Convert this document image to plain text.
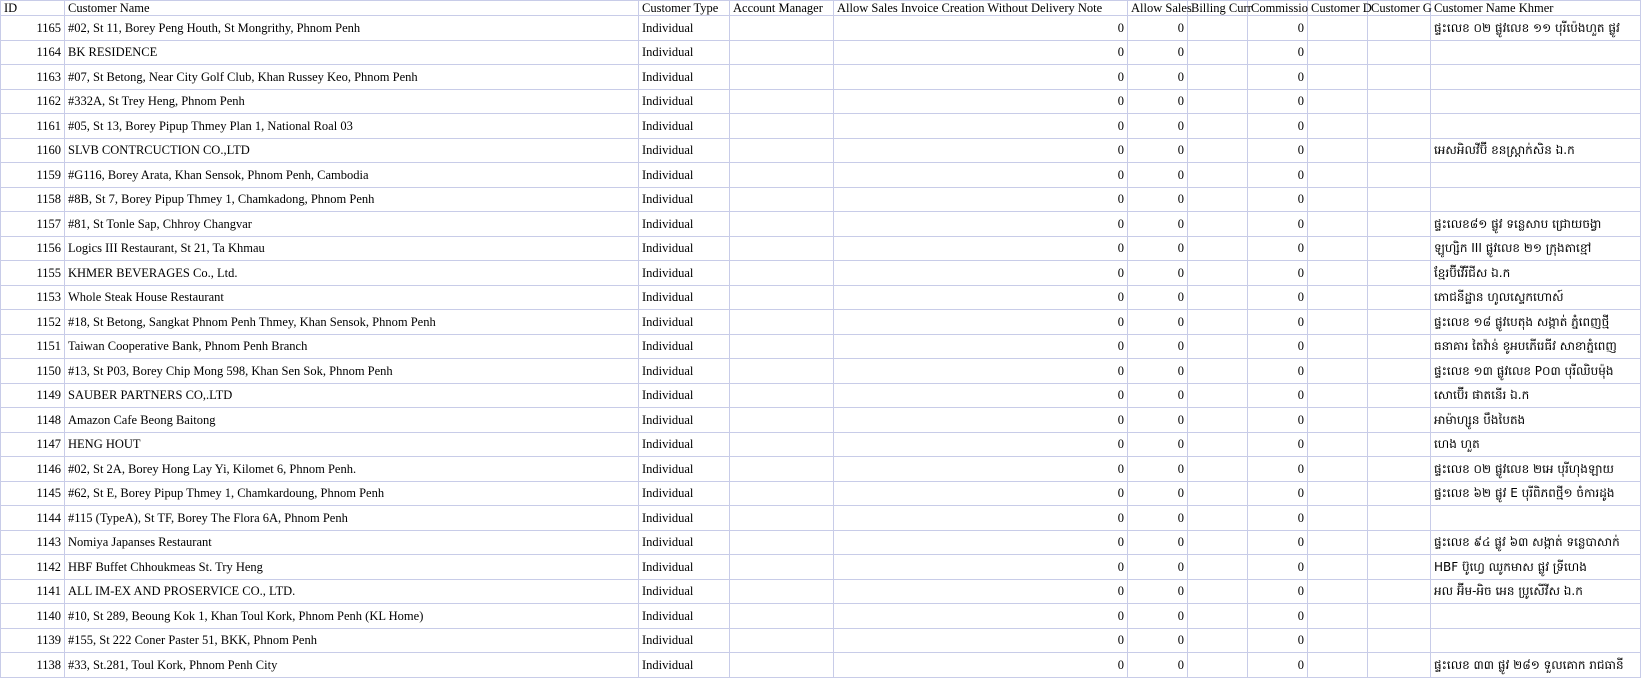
ID	Customer Name	Customer Type	Account Manager	Allow Sales Invoice Creation Without Delivery Note	Allow Sales	Billing Curr	Commissio	Customer D	Customer G	Customer Name Khmer
1165	#02, St 11, Borey Peng Houth, St Mongrithy, Phnom Penh	Individual		0	0		0			ផ្ទះលេខ ០២ ផ្លូវលេខ ១១ បុរីប៉េងហួត ផ្លូវ
1164	BK RESIDENCE	Individual		0	0		0			
1163	#07, St Betong, Near City Golf Club, Khan Russey Keo, Phnom Penh	Individual		0	0		0			
1162	#332A, St Trey Heng, Phnom Penh	Individual		0	0		0			
1161	#05, St 13, Borey Pipup Thmey Plan 1, National Roal 03	Individual		0	0		0			
1160	SLVB CONTRCUCTION CO.,LTD	Individual		0	0		0			អេសអិលវីប៊ី ខនស្ត្រាក់សិន ឯ.ក
1159	#G116, Borey Arata, Khan Sensok, Phnom Penh, Cambodia	Individual		0	0		0			
1158	#8B, St 7, Borey Pipup Thmey 1, Chamkadong, Phnom Penh	Individual		0	0		0			
1157	#81, St Tonle Sap, Chhroy Changvar	Individual		0	0		0			ផ្ទះលេខ៨១ ផ្លូវ ទន្លេសាប ជ្រោយចង្វា
1156	Logics III Restaurant, St 21, Ta Khmau	Individual		0	0		0			ឡូហ្សិក III ផ្លូវលេខ ២១ ក្រុងតាខ្មៅ
1155	KHMER BEVERAGES Co., Ltd.	Individual		0	0		0			ខ្មែរប៊ីវើរីជីស ឯ.ក
1153	Whole Steak House Restaurant	Individual		0	0		0			ភោជនីដ្ឋាន ហូលស្ទេកហោស៍
1152	#18, St Betong, Sangkat Phnom Penh Thmey, Khan Sensok, Phnom Penh	Individual		0	0		0			ផ្ទះលេខ ១៨ ផ្លូវបេតុង សង្កាត់ ភ្នំពេញថ្មី
1151	Taiwan Cooperative Bank, Phnom Penh Branch	Individual		0	0		0			ធនាគារ តៃវ៉ាន់ ខូអបភើរេធីវ សាខាភ្នំពេញ
1150	#13, St P03, Borey Chip Mong 598, Khan Sen Sok, Phnom Penh	Individual		0	0		0			ផ្ទះលេខ ១៣ ផ្លូវលេខ P០៣ បុរីឈិបម៉ុង
1149	SAUBER PARTNERS CO,.LTD	Individual		0	0		0			សោប៊ើរ ផាតនើរ ឯ.ក
1148	Amazon Cafe Beong Baitong	Individual		0	0		0			អាម៉ាហ្សូន បឹងបៃតង
1147	HENG HOUT	Individual		0	0		0			ហេង ហួត
1146	#02, St 2A, Borey Hong Lay Yi, Kilomet 6, Phnom Penh.	Individual		0	0		0			ផ្ទះលេខ ០២ ផ្លូវលេខ ២អេ បុរីហុងឡាយ
1145	#62, St E, Borey Pipup Thmey 1, Chamkardoung, Phnom Penh	Individual		0	0		0			ផ្ទះលេខ ៦២ ផ្លូវ E បុរីពិភពថ្មី១ ចំការដូង
1144	#115 (TypeA), St TF, Borey The Flora 6A, Phnom Penh	Individual		0	0		0			
1143	Nomiya Japanses Restaurant	Individual		0	0		0			ផ្ទះលេខ ៩៤ ផ្លូវ ៦៣ សង្កាត់ ទន្លេបាសាក់
1142	HBF Buffet Chhoukmeas St. Try Heng	Individual		0	0		0			HBF ប៊ូហ្វេ ឈូកមាស ផ្លូវ ទ្រីហេង
1141	ALL IM-EX AND PROSERVICE CO., LTD.	Individual		0	0		0			អល អ៊ីម-អិច អេន ប្រូសើវីស ឯ.ក
1140	#10, St 289, Beoung Kok 1, Khan Toul Kork, Phnom Penh (KL Home)	Individual		0	0		0			
1139	#155, St 222 Coner Paster 51, BKK, Phnom Penh	Individual		0	0		0			
1138	#33, St.281, Toul Kork, Phnom Penh City	Individual		0	0		0			ផ្ទះលេខ ៣៣ ផ្លូវ ២៨១ ទួលគោក រាជធានី
